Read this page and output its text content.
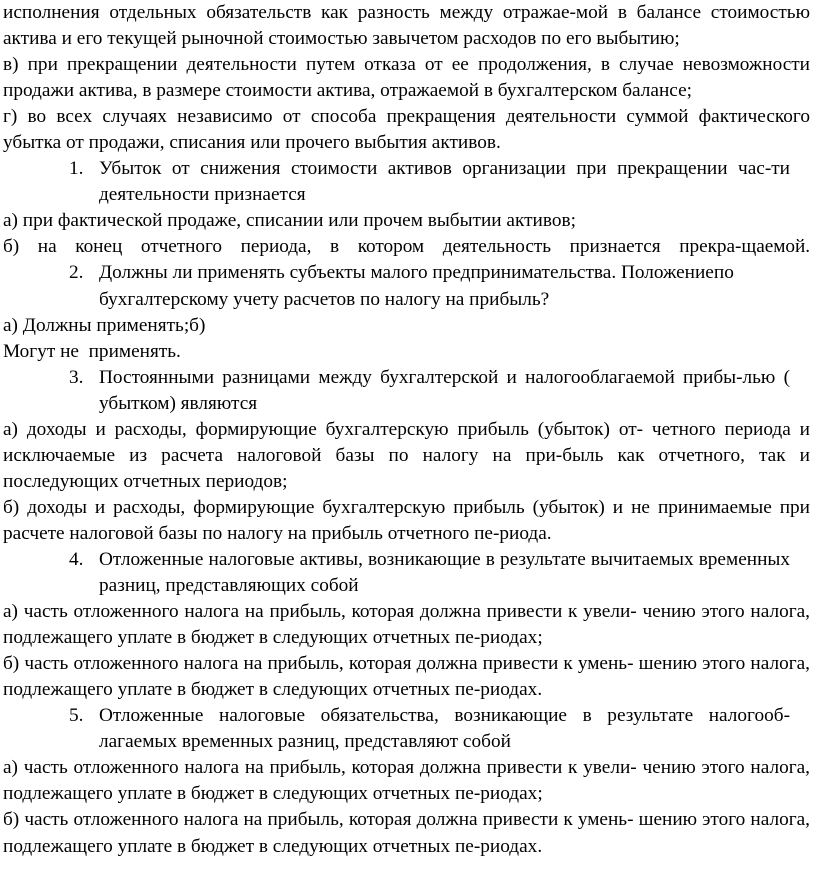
исполнения отдельных обязательств как разность между отражае-мой в балансе стоимостью актива и его текущей рыночной стоимостью завычетом расходов по его выбытию;

в) при прекращении деятельности путем отказа от ее продолжения, в случае невозможности продажи актива, в размере стоимости актива, отражаемой в бухгалтерском балансе;

г) во всех случаях независимо от способа прекращения деятельности суммой фактического убытка от продажи, списания или прочего выбытия активов.

1. Убыток от снижения стоимости активов организации при прекращении час-ти деятельности признается

а) при фактической продаже, списании или прочем выбытии активов;

б) на конец отчетного периода, в котором деятельность признается прекра-щаемой.

2. Должны ли применять субъекты малого предпринимательства. Положениепо бухгалтерскому учету расчетов по налогу на прибыль?

а) Должны применять;б)

Могут не  применять.

3. Постоянными разницами между бухгалтерской и налогооблагаемой прибы-лью ( убытком) являются

а) доходы и расходы, формирующие бухгалтерскую прибыль (убыток) от- четного периода и исключаемые из расчета налоговой базы по налогу на при-быль как отчетного, так и последующих отчетных периодов;

б) доходы и расходы, формирующие бухгалтерскую прибыль (убыток) и не принимаемые при расчете налоговой базы по налогу на прибыль отчетного пе-риода.

4. Отложенные налоговые активы, возникающие в результате вычитаемых временных разниц, представляющих собой

а) часть отложенного налога на прибыль, которая должна привести к увели- чению этого налога, подлежащего уплате в бюджет в следующих отчетных пе-риодах;

б) часть отложенного налога на прибыль, которая должна привести к умень- шению этого налога, подлежащего уплате в бюджет в следующих отчетных пе-риодах.

5. Отложенные налоговые обязательства, возникающие в результате налогооб-лагаемых временных разниц, представляют собой

а) часть отложенного налога на прибыль, которая должна привести к увели- чению этого налога, подлежащего уплате в бюджет в следующих отчетных пе-риодах;

б) часть отложенного налога на прибыль, которая должна привести к умень- шению этого налога, подлежащего уплате в бюджет в следующих отчетных пе-риодах.
